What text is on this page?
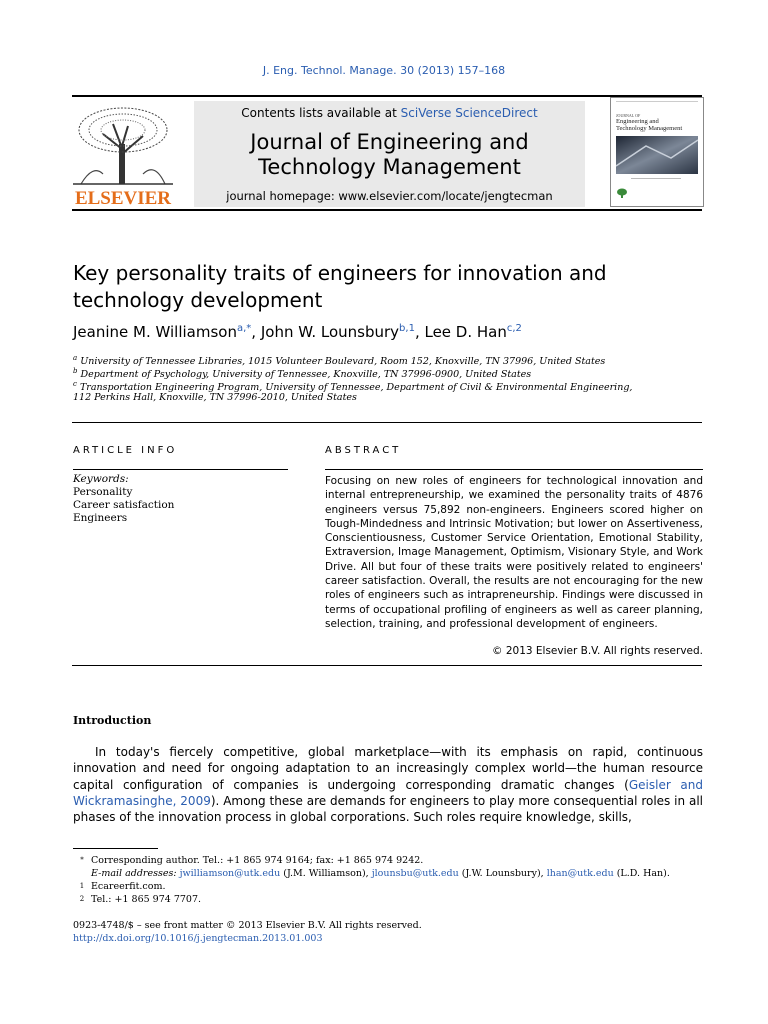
J. Eng. Technol. Manage. 30 (2013) 157–168
ELSEVIER
Contents lists available at SciVerse ScienceDirect
Journal of Engineering and
Technology Management
journal homepage: www.elsevier.com/locate/jengtecman
JOURNAL OF
Engineering and
Technology Management
Key personality traits of engineers for innovation and
technology development
Jeanine M. Williamson$^{a,*}$, John W. Lounsbury$^{b,1}$, Lee D. Han$^{c,2}$
$^a$ University of Tennessee Libraries, 1015 Volunteer Boulevard, Room 152, Knoxville, TN 37996, United States
$^b$ Department of Psychology, University of Tennessee, Knoxville, TN 37996-0900, United States
$^c$ Transportation Engineering Program, University of Tennessee, Department of Civil & Environmental Engineering,
112 Perkins Hall, Knoxville, TN 37996-2010, United States
ARTICLE INFO	ABSTRACT
Keywords:
Personality
Career satisfaction
Engineers
Focusing on new roles of engineers for technological innovation and internal entrepreneurship, we examined the personality traits of 4876 engineers versus 75,892 non-engineers. Engineers scored higher on Tough-Mindedness and Intrinsic Motivation; but lower on Assertiveness, Conscientiousness, Customer Service Orientation, Emotional Stability, Extraversion, Image Management, Optimism, Visionary Style, and Work Drive. All but four of these traits were positively related to engineers' career satisfaction. Overall, the results are not encouraging for the new roles of engineers such as intrapreneurship. Findings were discussed in terms of occupational profiling of engineers as well as career planning, selection, training, and professional development of engineers.
© 2013 Elsevier B.V. All rights reserved.
Introduction
In today's fiercely competitive, global marketplace—with its emphasis on rapid, continuous innovation and need for ongoing adaptation to an increasingly complex world—the human resource capital configuration of companies is undergoing corresponding dramatic changes (Geisler and Wickramasinghe, 2009). Among these are demands for engineers to play more consequential roles in all phases of the innovation process in global corporations. Such roles require knowledge, skills,
* Corresponding author. Tel.: +1 865 974 9164; fax: +1 865 974 9242.
E-mail addresses: jwilliamson@utk.edu (J.M. Williamson), jlounsbu@utk.edu (J.W. Lounsbury), lhan@utk.edu (L.D. Han).
1 Ecareerfit.com.
2 Tel.: +1 865 974 7707.
0923-4748/$ – see front matter © 2013 Elsevier B.V. All rights reserved.
http://dx.doi.org/10.1016/j.jengtecman.2013.01.003
